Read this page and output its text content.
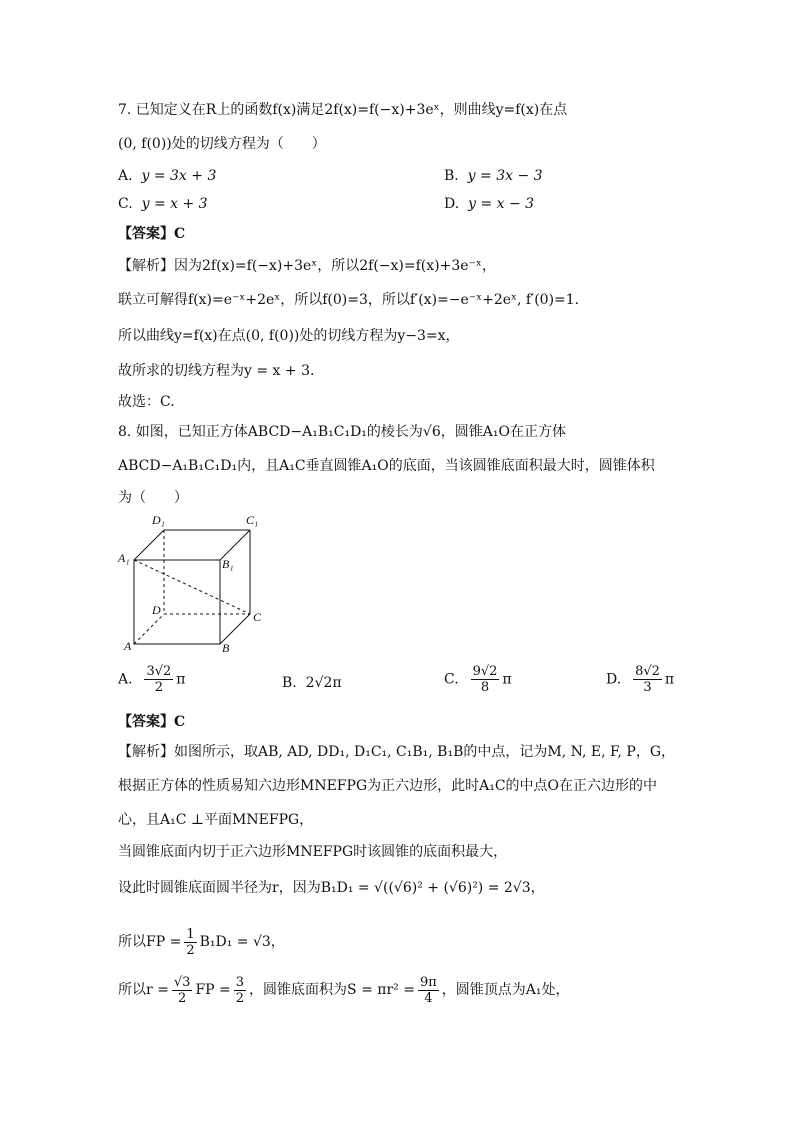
7. 已知定义在R上的函数f(x)满足2f(x)=f(−x)+3eˣ，则曲线y=f(x)在点
(0, f(0))处的切线方程为（　　）
A. y = 3x + 3	B. y = 3x − 3
C. y = x + 3	D. y = x − 3
【答案】C
【解析】因为2f(x)=f(−x)+3eˣ，所以2f(−x)=f(x)+3e⁻ˣ，
联立可解得f(x)=e⁻ˣ+2eˣ，所以f(0)=3，所以f′(x)=−e⁻ˣ+2eˣ, f′(0)=1.
所以曲线y=f(x)在点(0, f(0))处的切线方程为y−3=x，
故所求的切线方程为y = x + 3.
故选：C.
8. 如图，已知正方体ABCD−A₁B₁C₁D₁的棱长为√6，圆锥A₁O在正方体
ABCD−A₁B₁C₁D₁内，且A₁C垂直圆锥A₁O的底面，当该圆锥底面积最大时，圆锥体积
为（　　）
D₁	C₁
A₁	B₁
D	C
A	B
A. $\frac{3√2}{2}$ π	B. 2√2π	C. $\frac{9√2}{8}$ π	D. $\frac{8√2}{3}$ π
【答案】C
【解析】如图所示，取AB, AD, DD₁, D₁C₁, C₁B₁, B₁B的中点，记为M, N, E, F, P，G，
根据正方体的性质易知六边形MNEFPG为正六边形，此时A₁C的中点O在正六边形的中
心，且A₁C ⊥平面MNEFPG，
当圆锥底面内切于正六边形MNEFPG时该圆锥的底面积最大，
设此时圆锥底面圆半径为r，因为B₁D₁ = √((√6)² + (√6)²) = 2√3，
所以FP = $\frac{1}{2} B_1D_1 = √3$，
所以$r = \frac{√3}{2}$ FP = $\frac{3}{2}$ ，圆锥底面积为$S = \pi r^2 = \frac{9\pi}{4}$ ，圆锥顶点为A₁处，
